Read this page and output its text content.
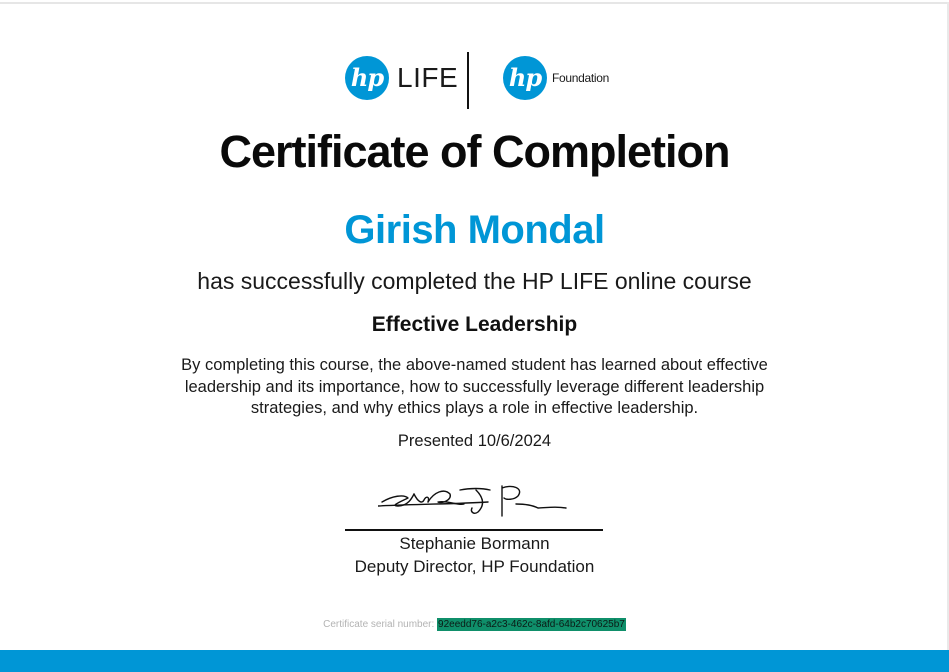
hp LIFE hp Foundation
Certificate of Completion
Girish Mondal
has successfully completed the HP LIFE online course
Effective Leadership
By completing this course, the above-named student has learned about effective leadership and its importance, how to successfully leverage different leadership strategies, and why ethics plays a role in effective leadership.
Presented 10/6/2024
Stephanie Bormann
Deputy Director, HP Foundation
Certificate serial number: 92eedd76-a2c3-462c-8afd-64b2c70625b7
